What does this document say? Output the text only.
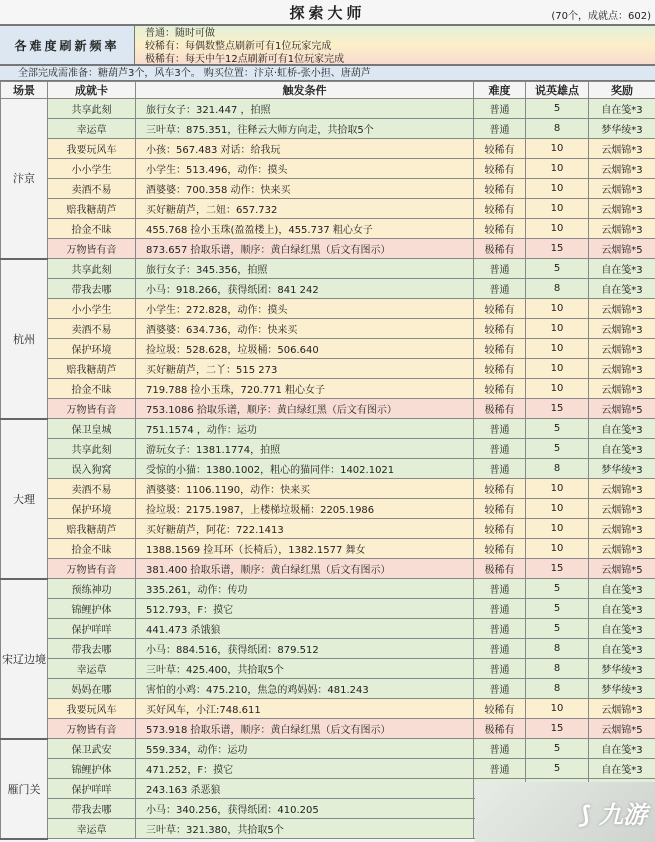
探索大师	(70个，成就点：602)
各难度刷新频率
普通：随时可做
较稀有：每偶数整点刷新可有1位玩家完成
极稀有：每天中午12点刷新可有1位玩家完成
全部完成需准备：糖葫芦3个，风车3个。 购买位置：汴京·虹桥-张小担、唐葫芦
场景	成就卡	触发条件	难度	说英雄点	奖励
汴京	共享此刻	旅行女子：321.447 ，拍照	普通	5	自在笺*3
	幸运草	三叶草：875.351，往释云大师方向走，共拾取5个	普通	8	梦华绫*3
	我要玩风车	小孩：567.483 对话：给我玩	较稀有	10	云烟锦*3
	小小学生	小学生：513.496，动作：摸头	较稀有	10	云烟锦*3
	卖酒不易	酒婆婆：700.358 动作：快来买	较稀有	10	云烟锦*3
	赔我糖葫芦	买好糖葫芦，二妞：657.732	较稀有	10	云烟锦*3
	拾金不昧	455.768 捡小玉珠(盈盈楼上)，455.737 粗心女子	较稀有	10	云烟锦*3
	万物皆有音	873.657 拾取乐谱，顺序：黄白绿红黑（后文有图示）	极稀有	15	云烟锦*5
杭州	共享此刻	旅行女子：345.356，拍照	普通	5	自在笺*3
	带我去哪	小马：918.266，获得纸团：841 242	普通	8	自在笺*3
	小小学生	小学生：272.828，动作：摸头	较稀有	10	云烟锦*3
	卖酒不易	酒婆婆：634.736，动作：快来买	较稀有	10	云烟锦*3
	保护环境	捡垃圾：528.628，垃圾桶：506.640	较稀有	10	云烟锦*3
	赔我糖葫芦	买好糖葫芦，二丫：515 273	较稀有	10	云烟锦*3
	拾金不昧	719.788 捡小玉珠，720.771 粗心女子	较稀有	10	云烟锦*3
	万物皆有音	753.1086 拾取乐谱，顺序：黄白绿红黑（后文有图示）	极稀有	15	云烟锦*5
大理	保卫皇城	751.1574 ，动作：运功	普通	5	自在笺*3
	共享此刻	游玩女子：1381.1774，拍照	普通	5	自在笺*3
	误入狗窝	受惊的小猫：1380.1002，粗心的猫同伴：1402.1021	普通	8	梦华绫*3
	卖酒不易	酒婆婆：1106.1190，动作：快来买	较稀有	10	云烟锦*3
	保护环境	捡垃圾：2175.1987，上楼梯垃圾桶：2205.1986	较稀有	10	云烟锦*3
	赔我糖葫芦	买好糖葫芦，阿花：722.1413	较稀有	10	云烟锦*3
	拾金不昧	1388.1569 捡耳环（长椅后），1382.1577 舞女	较稀有	10	云烟锦*3
	万物皆有音	381.400 拾取乐谱，顺序：黄白绿红黑（后文有图示）	极稀有	15	云烟锦*5
宋辽边境	预练神功	335.261，动作：传功	普通	5	自在笺*3
	锦鲤护体	512.793，F：摸它	普通	5	自在笺*3
	保护咩咩	441.473 杀饿狼	普通	5	自在笺*3
	带我去哪	小马：884.516，获得纸团：879.512	普通	8	自在笺*3
	幸运草	三叶草：425.400，共拾取5个	普通	8	梦华绫*3
	妈妈在哪	害怕的小鸡：475.210，焦急的鸡妈妈：481.243	普通	8	梦华绫*3
	我要玩风车	买好风车，小江:748.611	较稀有	10	云烟锦*3
	万物皆有音	573.918 拾取乐谱，顺序：黄白绿红黑（后文有图示）	极稀有	15	云烟锦*5
雁门关	保卫武安	559.334，动作：运功	普通	5	自在笺*3
	锦鲤护体	471.252，F：摸它	普通	5	自在笺*3
	保护咩咩	243.163 杀恶狼			
	带我去哪	小马：340.256，获得纸团：410.205			
	幸运草	三叶草：321.380，共拾取5个			
⟆ 九游
